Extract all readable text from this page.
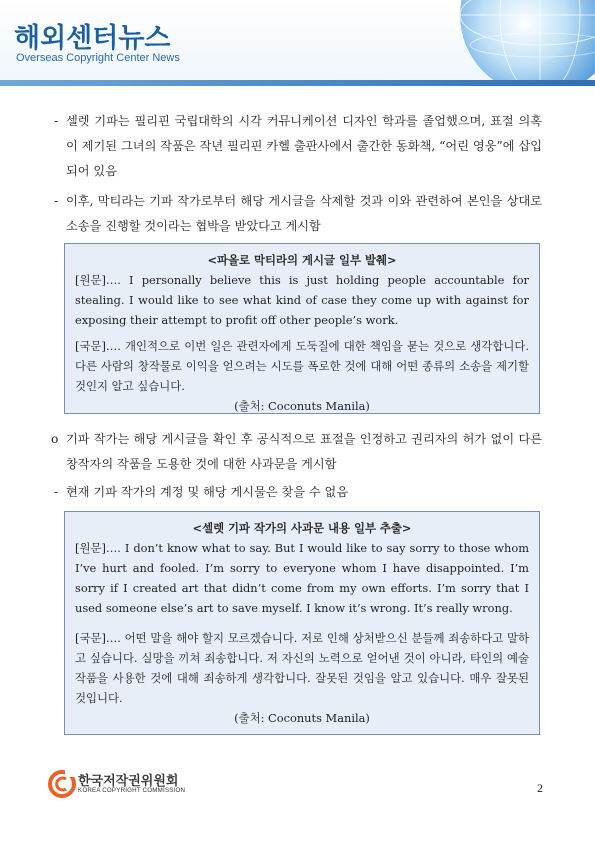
해외센터뉴스
Overseas Copyright Center News
- 셀렛 기파는 필리핀 국립대학의 시각 커뮤니케이션 디자인 학과를 졸업했으며, 표절 의혹이 제기된 그녀의 작품은 작년 필리핀 카헬 출판사에서 출간한 동화책, “어린 영웅”에 삽입되어 있음
- 이후, 막티라는 기파 작가로부터 해당 게시글을 삭제할 것과 이와 관련하여 본인을 상대로 소송을 진행할 것이라는 협박을 받았다고 게시함
<파올로 막티라의 게시글 일부 발췌>

[원문]…. I personally believe this is just holding people accountable for stealing. I would like to see what kind of case they come up with against for exposing their attempt to profit off other people’s work.

[국문]…. 개인적으로 이번 일은 관련자에게 도둑질에 대한 책임을 묻는 것으로 생각합니다. 다른 사람의 창작물로 이익을 얻으려는 시도를 폭로한 것에 대해 어떤 종류의 소송을 제기할 것인지 알고 싶습니다.

(출처: Coconuts Manila)
o 기파 작가는 해당 게시글을 확인 후 공식적으로 표절을 인정하고 권리자의 허가 없이 다른 창작자의 작품을 도용한 것에 대한 사과문을 게시함
- 현재 기파 작가의 계정 및 해당 게시물은 찾을 수 없음
<셀렛 기파 작가의 사과문 내용 일부 추출>

[원문]…. I don’t know what to say. But I would like to say sorry to those whom I’ve hurt and fooled. I’m sorry to everyone whom I have disappointed. I’m sorry if I created art that didn’t come from my own efforts. I’m sorry that I used someone else’s art to save myself. I know it’s wrong. It’s really wrong.

[국문]…. 어떤 말을 해야 할지 모르겠습니다. 저로 인해 상처받으신 분들께 죄송하다고 말하고 싶습니다. 실망을 끼쳐 죄송합니다. 저 자신의 노력으로 얻어낸 것이 아니라, 타인의 예술작품을 사용한 것에 대해 죄송하게 생각합니다. 잘못된 것임을 알고 있습니다. 매우 잘못된 것입니다.

(출처: Coconuts Manila)
한국저작권위원회
KOREA COPYRIGHT COMMISSION	2
